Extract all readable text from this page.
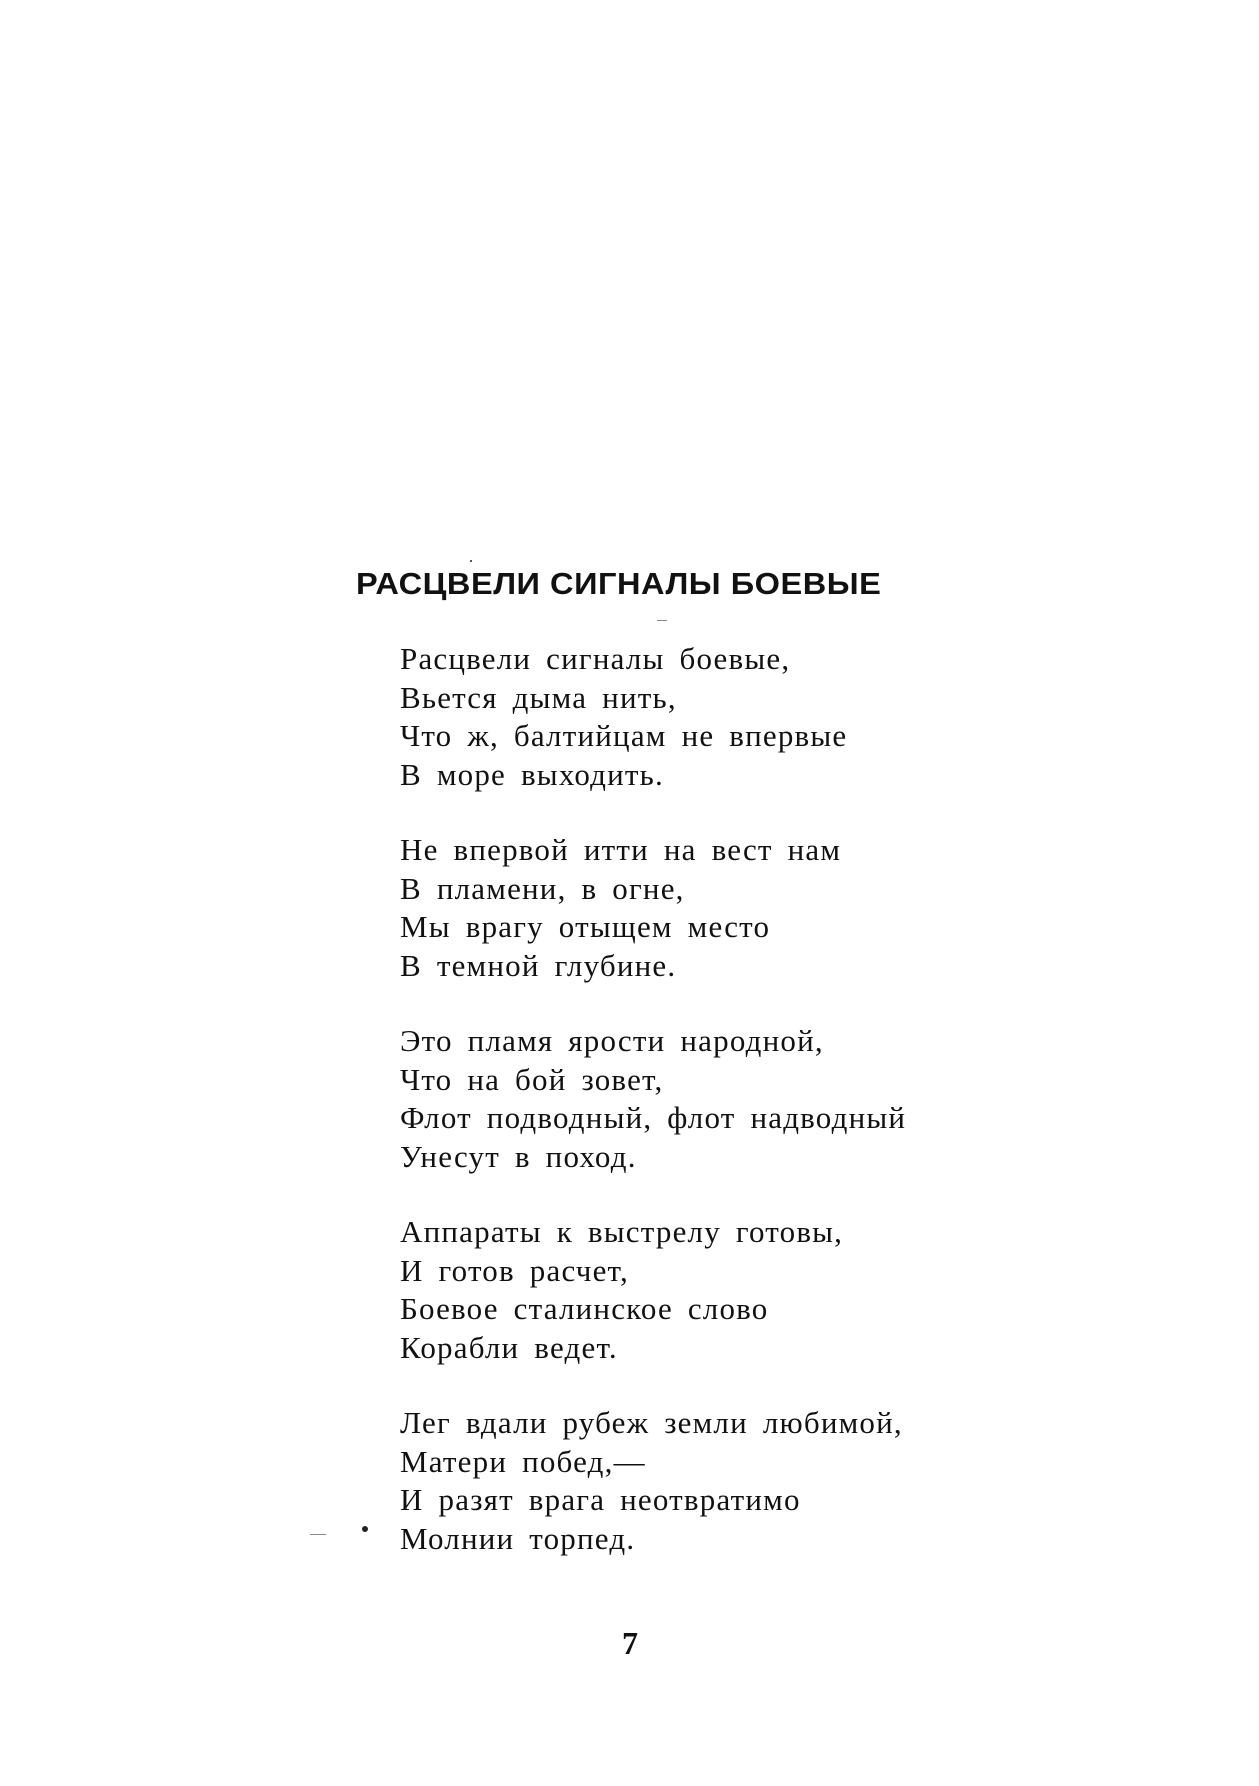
РАСЦВЕЛИ СИГНАЛЫ БОЕВЫЕ
Расцвели сигналы боевые,
Вьется дыма нить,
Что ж, балтийцам не впервые
В море выходить.
Не впервой итти на вест нам
В пламени, в огне,
Мы врагу отыщем место
В темной глубине.
Это пламя ярости народной,
Что на бой зовет,
Флот подводный, флот надводный
Унесут в поход.
Аппараты к выстрелу готовы,
И готов расчет,
Боевое сталинское слово
Корабли ведет.
Лег вдали рубеж земли любимой,
Матери побед,—
И разят врага неотвратимо
Молнии торпед.
7
